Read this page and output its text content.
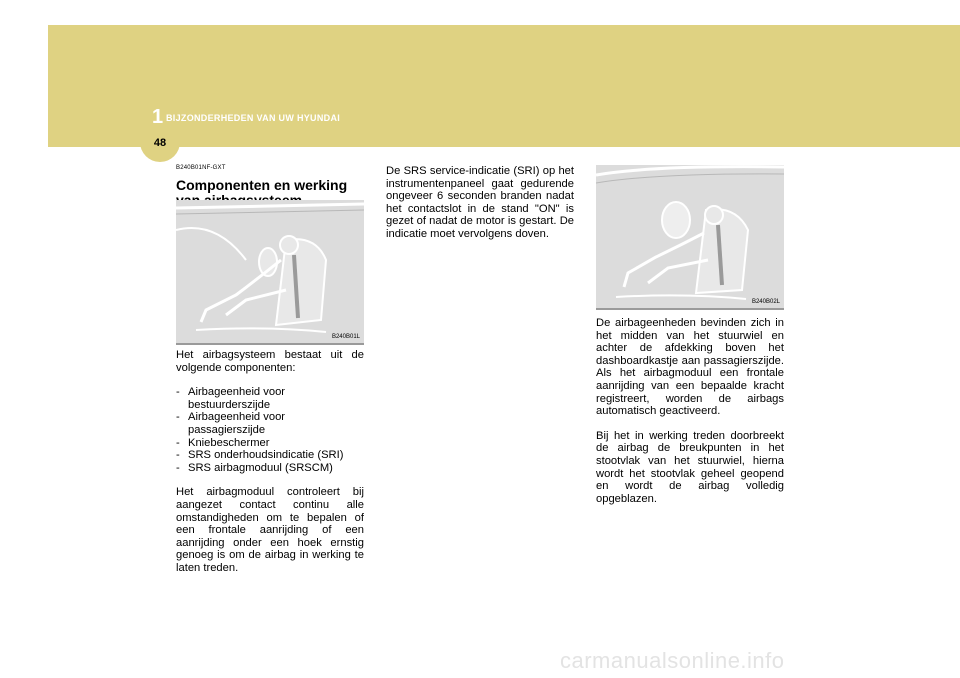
1 BIJZONDERHEDEN VAN UW HYUNDAI
48
B240B01NF-GXT
Componenten en werking
B240B01L

Het airbagsysteem bestaat uit de volgende componenten:

- Airbageenheid voor bestuurderszijde
- Airbageenheid voor passagierszijde
- Kniebeschermer
- SRS onderhoudsindicatie (SRI)
- SRS airbagmoduul (SRSCM)

Het airbagmoduul controleert bij aangezet contact continu alle omstandigheden om te bepalen of een frontale aanrijding of een aanrijding onder een hoek ernstig genoeg is om de airbag in werking te laten treden.

De SRS service-indicatie (SRI) op het instrumentenpaneel gaat gedurende ongeveer 6 seconden branden nadat het contactslot in de stand "ON" is gezet of nadat de motor is gestart. De indicatie moet vervolgens doven.

B240B02L

De airbageenheden bevinden zich in het midden van het stuurwiel en achter de afdekking boven het dashboardkastje aan passagierszijde. Als het airbagmoduul een frontale aanrijding van een bepaalde kracht registreert, worden de airbags automatisch geactiveerd.

Bij het in werking treden doorbreekt de airbag de breukpunten in het stootvlak van het stuurwiel, hierna wordt het stootvlak geheel geopend en wordt de airbag volledig opgeblazen.

carmanualsonline.info
